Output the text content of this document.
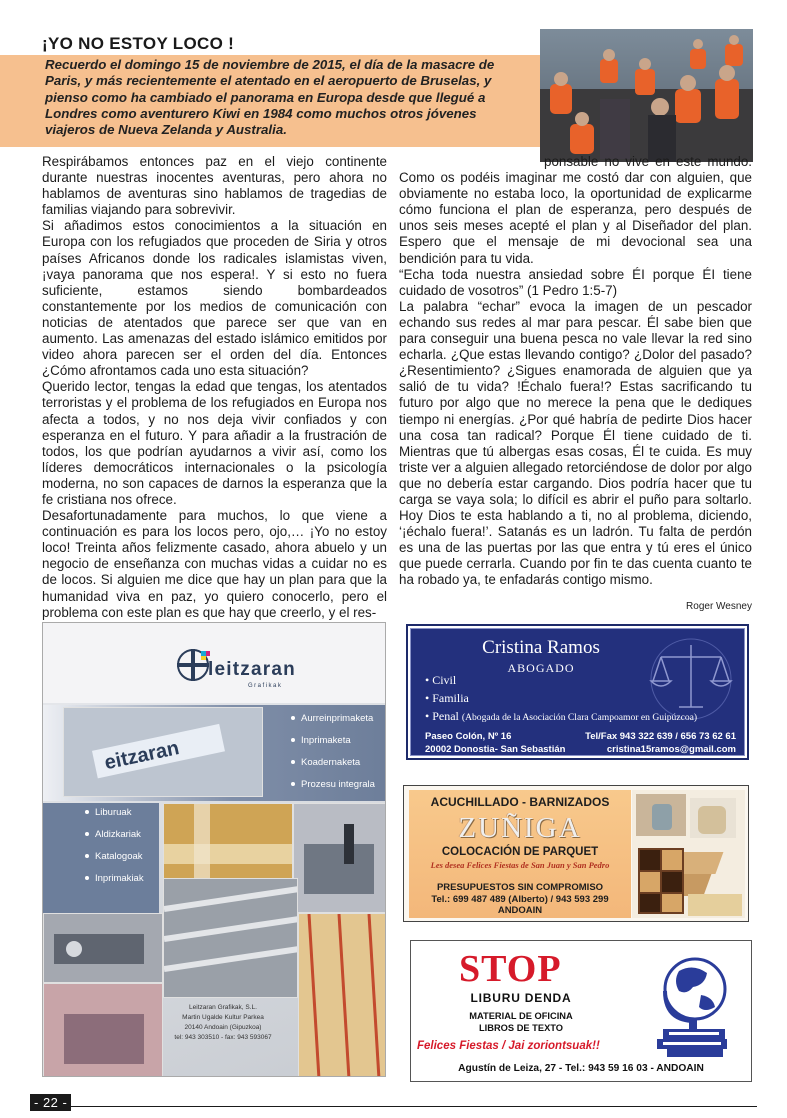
¡YO NO ESTOY LOCO !

Recuerdo el domingo 15 de noviembre de 2015, el día de la masacre de Paris, y más recientemente el atentado en el aeropuerto de Bruselas, y pienso como ha cambiado el panorama en Europa desde que llegué a Londres como aventurero Kiwi en 1984 como muchos otros jóvenes viajeros de Nueva Zelanda y Australia.

Respirábamos entonces paz en el viejo continente durante nuestras inocentes aventuras, pero ahora no hablamos de aventuras sino hablamos de tragedias de familias viajando para sobrevivir.

Si añadimos estos conocimientos a la situación en Europa con los refugiados que proceden de Siria y otros países Africanos donde los radicales islamistas viven, ¡vaya panorama que nos espera!. Y si esto no fuera suficiente, estamos siendo bombardeados constantemente por los medios de comunicación con noticias de atentados que parece ser que van en aumento. Las amenazas del estado islámico emitidos por video ahora parecen ser el orden del día. Entonces ¿Cómo afrontamos cada uno esta situación?

Querido lector, tengas la edad que tengas, los atentados terroristas y el problema de los refugiados en Europa nos afecta a todos, y no nos deja vivir confiados y con esperanza en el futuro. Y para añadir a la frustración de todos, los que podrían ayudarnos a vivir así, como los líderes democráticos internacionales o la psicología moderna, no son capaces de darnos la esperanza que la fe cristiana nos ofrece.

Desafortunadamente para muchos, lo que viene a continuación es para los locos pero, ojo,… ¡Yo no estoy loco! Treinta años felizmente casado, ahora abuelo y un negocio de enseñanza con muchas vidas a cuidar no es de locos. Si alguien me dice que hay un plan para que la humanidad viva en paz, yo quiero conocerlo, pero el problema con este plan es que hay que creerlo, y el res-

ponsable no vive en este mundo. Como os podéis imaginar me costó dar con alguien, que obviamente no estaba loco, la oportunidad de explicarme cómo funciona el plan de esperanza, pero después de unos seis meses acepté el plan y al Diseñador del plan. Espero que el mensaje de mi devocional sea una bendición para tu vida.

“Echa toda nuestra ansiedad sobre ÉI porque ÉI tiene cuidado de vosotros” (1 Pedro 1:5-7)

La palabra “echar” evoca la imagen de un pescador echando sus redes al mar para pescar. Él sabe bien que para conseguir una buena pesca no vale llevar la red sino echarla. ¿Que estas llevando contigo? ¿Dolor del pasado? ¿Resentimiento? ¿Sigues enamorada de alguien que ya salió de tu vida? !Échalo fuera!? Estas sacrificando tu futuro por algo que no merece la pena que le dediques tiempo ni energías. ¿Por qué habría de pedirte Dios hacer una cosa tan radical? Porque Él tiene cuidado de ti. Mientras que tú albergas esas cosas, Él te cuida. Es muy triste ver a alguien allegado retorciéndose de dolor por algo que no debería estar cargando. Dios podría hacer que tu carga se vaya sola; lo difícil es abrir el puño para soltarlo. Hoy Dios te esta hablando a ti, no al problema, diciendo, ‘¡échalo fuera!’. Satanás es un ladrón. Tu falta de perdón es una de las puertas por las que entra y tú eres el único que puede cerrarla. Cuando por fin te das cuenta cuanto te ha robado ya, te enfadarás contigo mismo.

Roger Wesney
leitzaran
Grafikak
eitzaran
Aurreinprimaketa
Inprimaketa
Koadernaketa
Prozesu integrala
Liburuak
Aldizkariak
Katalogoak
Inprimakiak
Leitzaran Grafikak, S.L.
Martin Ugalde Kultur Parkea
20140 Andoain (Gipuzkoa)
tel: 943 303510 - fax: 943 593067
Cristina Ramos
ABOGADO
• Civil
• Familia
• Penal (Abogada de la Asociación Clara Campoamor en Guipúzcoa)
Paseo Colón, Nº 16
20002 Donostia- San Sebastián
Tel/Fax 943 322 639 / 656 73 62 61
cristina15ramos@gmail.com
ACUCHILLADO - BARNIZADOS
ZUÑIGA
COLOCACIÓN DE PARQUET
Les desea Felices Fiestas de San Juan y San Pedro
PRESUPUESTOS SIN COMPROMISO
Tel.: 699 487 489 (Alberto) / 943 593 299
ANDOAIN
STOP
LIBURU DENDA
MATERIAL DE OFICINA
LIBROS DE TEXTO
Felices Fiestas / Jai zoriontsuak!!
Agustín de Leiza, 27 - Tel.: 943 59 16 03 - ANDOAIN
- 22 -
